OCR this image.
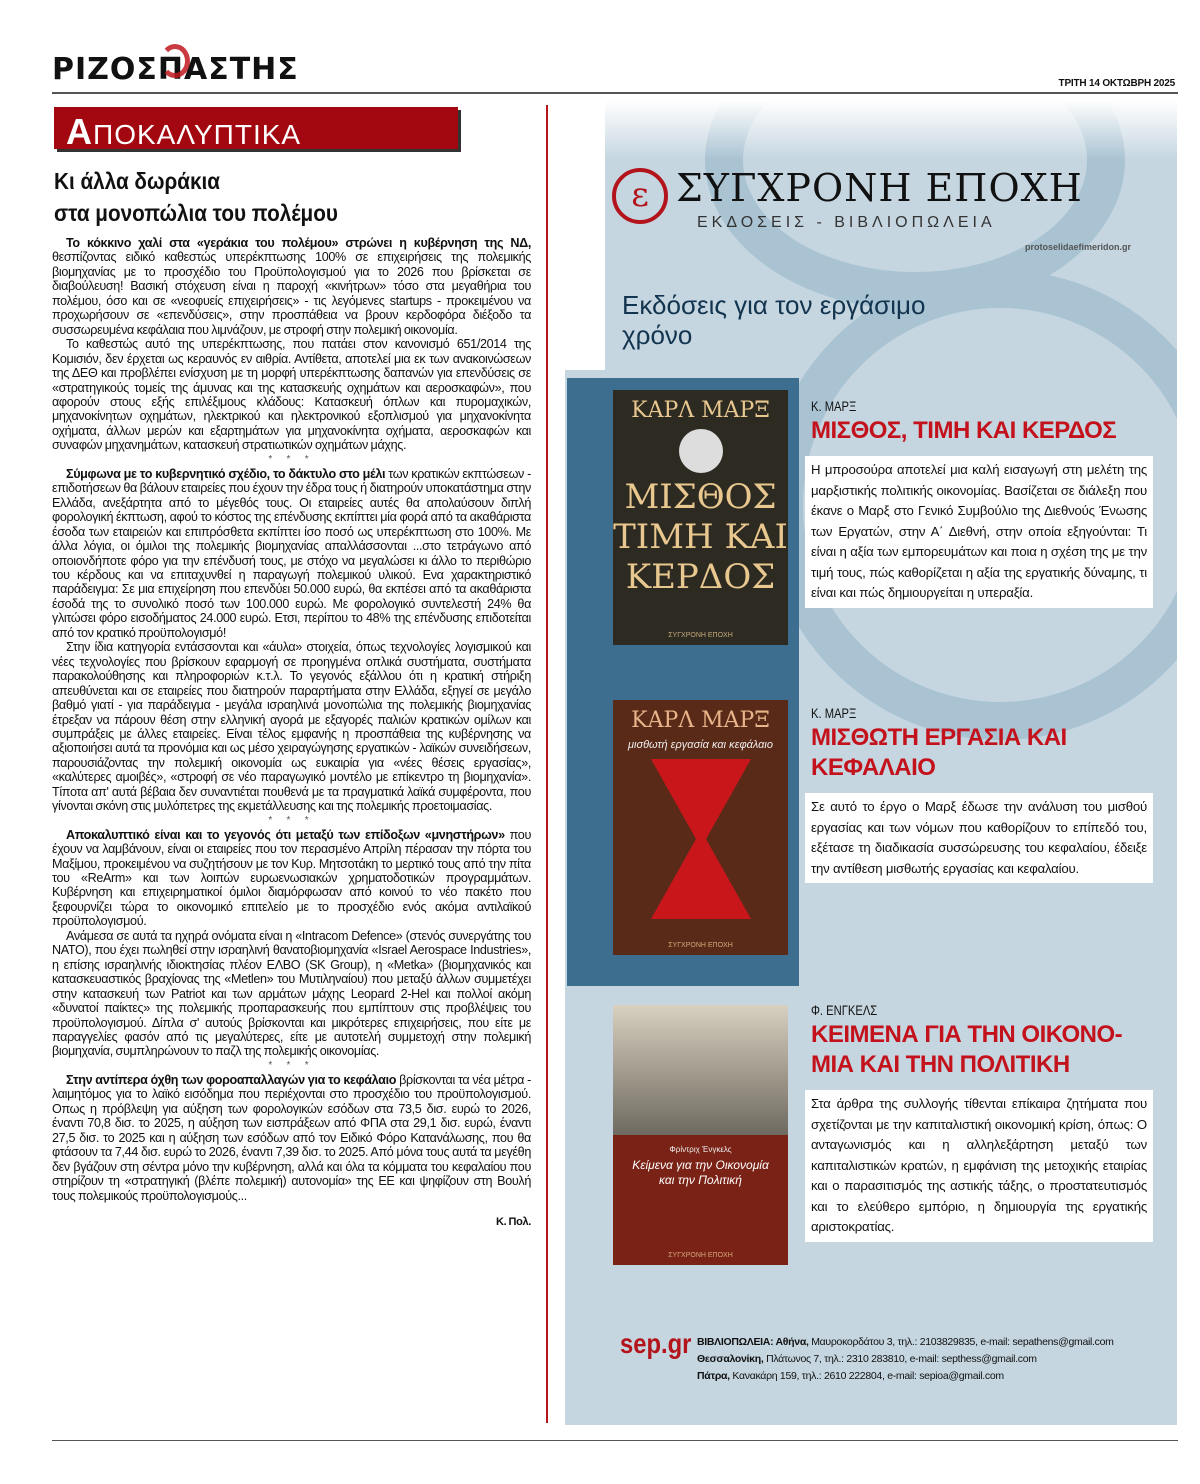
ΡΙΖΟΣΠΑΣΤΗΣ	ΤΡΙΤΗ 14 ΟΚΤΩΒΡΗ 2025
ΑΠΟΚΑΛΥΠΤΙΚΑ
Κι άλλα δωράκια
στα μονοπώλια του πολέμου

Το κόκκινο χαλί στα «γεράκια του πολέμου» στρώνει η κυβέρνηση της ΝΔ, θεσπίζοντας ειδικό καθεστώς υπερέκπτωσης 100% σε επιχειρήσεις της πολεμικής βιομηχανίας με το προσχέδιο του Προϋπολογισμού για το 2026 που βρίσκεται σε διαβούλευση! Βασική στόχευση είναι η παροχή «κινήτρων» τόσο στα μεγαθήρια του πολέμου, όσο και σε «νεοφυείς επιχειρήσεις» - τις λεγόμενες startups - προκειμένου να προχωρήσουν σε «επενδύσεις», στην προσπάθεια να βρουν κερδοφόρα διέξοδο τα συσσωρευμένα κεφάλαια που λιμνάζουν, με στροφή στην πολεμική οικονομία.

Το καθεστώς αυτό της υπερέκπτωσης, που πατάει στον κανονισμό 651/2014 της Κομισιόν, δεν έρχεται ως κεραυνός εν αιθρία. Αντίθετα, αποτελεί μια εκ των ανακοινώσεων της ΔΕΘ και προβλέπει ενίσχυση με τη μορφή υπερέκπτωσης δαπανών για επενδύσεις σε «στρατηγικούς τομείς της άμυνας και της κατασκευής οχημάτων και αεροσκαφών», που αφορούν στους εξής επιλέξιμους κλάδους: Κατασκευή όπλων και πυρομαχικών, μηχανοκίνητων οχημάτων, ηλεκτρικού και ηλεκτρονικού εξοπλισμού για μηχανοκίνητα οχήματα, άλλων μερών και εξαρτημάτων για μηχανοκίνητα οχήματα, αεροσκαφών και συναφών μηχανημάτων, κατασκευή στρατιωτικών οχημάτων μάχης.

* * *

Σύμφωνα με το κυβερνητικό σχέδιο, το δάκτυλο στο μέλι των κρατικών εκπτώσεων - επιδοτήσεων θα βάλουν εταιρείες που έχουν την έδρα τους ή διατηρούν υποκατάστημα στην Ελλάδα, ανεξάρτητα από το μέγεθός τους. Οι εταιρείες αυτές θα απολαύσουν διπλή φορολογική έκπτωση, αφού το κόστος της επένδυσης εκπίπτει μία φορά από τα ακαθάριστα έσοδα των εταιρειών και επιπρόσθετα εκπίπτει ίσο ποσό ως υπερέκπτωση στο 100%. Με άλλα λόγια, οι όμιλοι της πολεμικής βιομηχανίας απαλλάσσονται ...στο τετράγωνο από οποιονδήποτε φόρο για την επένδυσή τους, με στόχο να μεγαλώσει κι άλλο το περιθώριο του κέρδους και να επιταχυνθεί η παραγωγή πολεμικού υλικού. Ενα χαρακτηριστικό παράδειγμα: Σε μια επιχείρηση που επενδύει 50.000 ευρώ, θα εκπέσει από τα ακαθάριστα έσοδά της το συνολικό ποσό των 100.000 ευρώ. Με φορολογικό συντελεστή 24% θα γλιτώσει φόρο εισοδήματος 24.000 ευρώ. Ετσι, περίπου το 48% της επένδυσης επιδοτείται από τον κρατικό προϋπολογισμό!

Στην ίδια κατηγορία εντάσσονται και «άυλα» στοιχεία, όπως τεχνολογίες λογισμικού και νέες τεχνολογίες που βρίσκουν εφαρμογή σε προηγμένα οπλικά συστήματα, συστήματα παρακολούθησης και πληροφοριών κ.τ.λ. Το γεγονός εξάλλου ότι η κρατική στήριξη απευθύνεται και σε εταιρείες που διατηρούν παραρτήματα στην Ελλάδα, εξηγεί σε μεγάλο βαθμό γιατί - για παράδειγμα - μεγάλα ισραηλινά μονοπώλια της πολεμικής βιομηχανίας έτρεξαν να πάρουν θέση στην ελληνική αγορά με εξαγορές παλιών κρατικών ομίλων και συμπράξεις με άλλες εταιρείες. Είναι τέλος εμφανής η προσπάθεια της κυβέρνησης να αξιοποιήσει αυτά τα προνόμια και ως μέσο χειραγώγησης εργατικών - λαϊκών συνειδήσεων, παρουσιάζοντας την πολεμική οικονομία ως ευκαιρία για «νέες θέσεις εργασίας», «καλύτερες αμοιβές», «στροφή σε νέο παραγωγικό μοντέλο με επίκεντρο τη βιομηχανία». Τίποτα απ' αυτά βέβαια δεν συναντιέται πουθενά με τα πραγματικά λαϊκά συμφέροντα, που γίνονται σκόνη στις μυλόπετρες της εκμετάλλευσης και της πολεμικής προετοιμασίας.

* * *

Αποκαλυπτικό είναι και το γεγονός ότι μεταξύ των επίδοξων «μνηστήρων» που έχουν να λαμβάνουν, είναι οι εταιρείες που τον περασμένο Απρίλη πέρασαν την πόρτα του Μαξίμου, προκειμένου να συζητήσουν με τον Κυρ. Μητσοτάκη το μερτικό τους από την πίτα του «ReArm» και των λοιπών ευρωενωσιακών χρηματοδοτικών προγραμμάτων. Κυβέρνηση και επιχειρηματικοί όμιλοι διαμόρφωσαν από κοινού το νέο πακέτο που ξεφουρνίζει τώρα το οικονομικό επιτελείο με το προσχέδιο ενός ακόμα αντιλαϊκού προϋπολογισμού.

Ανάμεσα σε αυτά τα ηχηρά ονόματα είναι η «Intracom Defence» (στενός συνεργάτης του ΝΑΤΟ), που έχει πωληθεί στην ισραηλινή θανατοβιομηχανία «Israel Aerospace Industries», η επίσης ισραηλινής ιδιοκτησίας πλέον ΕΛΒΟ (SK Group), η «Metka» (βιομηχανικός και κατασκευαστικός βραχίονας της «Metlen» του Μυτιληναίου) που μεταξύ άλλων συμμετέχει στην κατασκευή των Patriot και των αρμάτων μάχης Leopard 2-Hel και πολλοί ακόμη «δυνατοί παίκτες» της πολεμικής προπαρασκευής που εμπίπτουν στις προβλέψεις του προϋπολογισμού. Δίπλα σ' αυτούς βρίσκονται και μικρότερες επιχειρήσεις, που είτε με παραγγελίες φασόν από τις μεγαλύτερες, είτε με αυτοτελή συμμετοχή στην πολεμική βιομηχανία, συμπληρώνουν το παζλ της πολεμικής οικονομίας.

* * *

Στην αντίπερα όχθη των φοροαπαλλαγών για το κεφάλαιο βρίσκονται τα νέα μέτρα - λαιμητόμος για το λαϊκό εισόδημα που περιέχονται στο προσχέδιο του προϋπολογισμού. Οπως η πρόβλεψη για αύξηση των φορολογικών εσόδων στα 73,5 δισ. ευρώ το 2026, έναντι 70,8 δισ. το 2025, η αύξηση των εισπράξεων από ΦΠΑ στα 29,1 δισ. ευρώ, έναντι 27,5 δισ. το 2025 και η αύξηση των εσόδων από τον Ειδικό Φόρο Κατανάλωσης, που θα φτάσουν τα 7,44 δισ. ευρώ το 2026, έναντι 7,39 δισ. το 2025. Από μόνα τους αυτά τα μεγέθη δεν βγάζουν στη σέντρα μόνο την κυβέρνηση, αλλά και όλα τα κόμματα του κεφαλαίου που στηρίζουν τη «στρατηγική (βλέπε πολεμική) αυτονομία» της ΕΕ και ψηφίζουν στη Βουλή τους πολεμικούς προϋπολογισμούς...

Κ. Πολ.
ε ΣΥΓΧΡΟΝΗ ΕΠΟΧΗ
ΕΚΔΟΣΕΙΣ - ΒΙΒΛΙΟΠΩΛΕΙΑ
protoselidaefimeridon.gr
Εκδόσεις για τον εργάσιμο χρόνο
ΚΑΡΛ ΜΑΡΞ
ΜΙΣΘΟΣ ΤΙΜΗ ΚΑΙ ΚΕΡΔΟΣ
ΣΥΓΧΡΟΝΗ ΕΠΟΧΗ
ΚΑΡΛ ΜΑΡΞ
μισθωτή εργασία και κεφάλαιο
ΣΥΓΧΡΟΝΗ ΕΠΟΧΗ
Φρίντριχ Ένγκελς
Κείμενα για την Οικονομία και την Πολιτική
ΣΥΓΧΡΟΝΗ ΕΠΟΧΗ
Κ. ΜΑΡΞ
ΜΙΣΘΟΣ, ΤΙΜΗ ΚΑΙ ΚΕΡΔΟΣ
Η μπροσούρα αποτελεί μια καλή εισαγωγή στη μελέτη της μαρξιστικής πολιτικής οικονομίας. Βασίζεται σε διάλεξη που έκανε ο Μαρξ στο Γενικό Συμβούλιο της Διεθνούς Ένωσης των Εργατών, στην Α΄ Διεθνή, στην οποία εξηγούνται: Τι είναι η αξία των εμπορευμάτων και ποια η σχέση της με την τιμή τους, πώς καθορίζεται η αξία της εργατικής δύναμης, τι είναι και πώς δημιουργείται η υπεραξία.
Κ. ΜΑΡΞ
ΜΙΣΘΩΤΗ ΕΡΓΑΣΙΑ ΚΑΙ ΚΕΦΑΛΑΙΟ
Σε αυτό το έργο ο Μαρξ έδωσε την ανάλυση του μισθού εργασίας και των νόμων που καθορίζουν το επίπεδό του, εξέτασε τη διαδικασία συσσώρευσης του κεφαλαίου, έδειξε την αντίθεση μισθωτής εργασίας και κεφαλαίου.
Φ. ΕΝΓΚΕΛΣ
ΚΕΙΜΕΝΑ ΓΙΑ ΤΗΝ ΟΙΚΟΝΟ-ΜΙΑ ΚΑΙ ΤΗΝ ΠΟΛΙΤΙΚΗ
Στα άρθρα της συλλογής τίθενται επίκαιρα ζητήματα που σχετίζονται με την καπιταλιστική οικονομική κρίση, όπως: Ο ανταγωνισμός και η αλληλεξάρτηση μεταξύ των καπιταλιστικών κρατών, η εμφάνιση της μετοχικής εταιρίας και ο παρασιτισμός της αστικής τάξης, ο προστατευτισμός και το ελεύθερο εμπόριο, η δημιουργία της εργατικής αριστοκρατίας.
sep.gr ΒΙΒΛΙΟΠΩΛΕΙΑ: Αθήνα, Μαυροκορδάτου 3, τηλ.: 2103829835, e-mail: sepathens@gmail.com
Θεσσαλονίκη, Πλάτωνος 7, τηλ.: 2310 283810, e-mail: septhess@gmail.com
Πάτρα, Κανακάρη 159, τηλ.: 2610 222804, e-mail: sepioa@gmail.com
